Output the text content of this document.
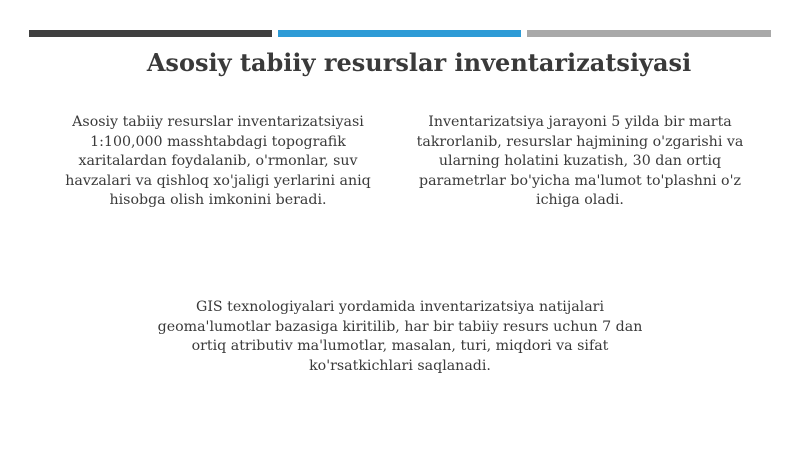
Asosiy tabiiy resurslar inventarizatsiyasi
Asosiy tabiiy resurslar inventarizatsiyasi 1:100,000 masshtabdagi topografik xaritalardan foydalanib, o'rmonlar, suv havzalari va qishloq xo'jaligi yerlarini aniq hisobga olish imkonini beradi.
Inventarizatsiya jarayoni 5 yilda bir marta takrorlanib, resurslar hajmining o'zgarishi va ularning holatini kuzatish, 30 dan ortiq parametrlar bo'yicha ma'lumot to'plashni o'z ichiga oladi.
GIS texnologiyalari yordamida inventarizatsiya natijalari geoma'lumotlar bazasiga kiritilib, har bir tabiiy resurs uchun 7 dan ortiq atributiv ma'lumotlar, masalan, turi, miqdori va sifat ko'rsatkichlari saqlanadi.
